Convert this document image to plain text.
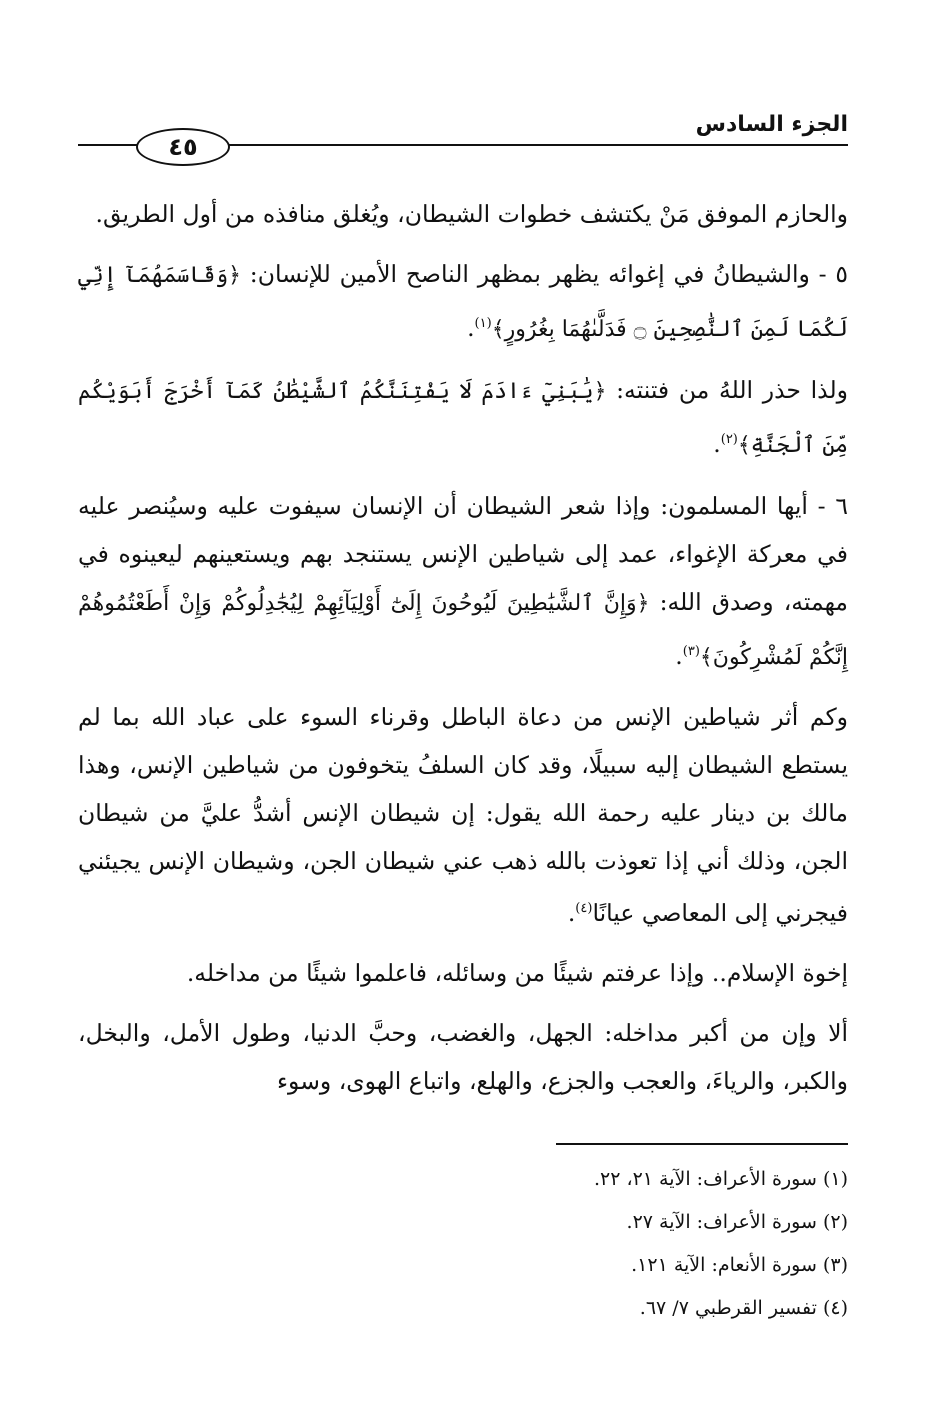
الجزء السادس
٤٥

والحازم الموفق مَنْ يكتشف خطوات الشيطان، ويُغلق منافذه من أول الطريق.

٥ - والشيطانُ في إغوائه يظهر بمظهر الناصح الأمين للإنسان: ﴿وَقَاسَمَهُمَآ إِنِّي لَكُمَا لَمِنَ ٱلنَّٰصِحِينَ ۝ فَدَلَّىٰهُمَا بِغُرُورٍ﴾$^{(١)}$.

ولذا حذر اللهُ من فتنته: ﴿يَٰبَنِيٓ ءَادَمَ لَا يَفْتِنَنَّكُمُ ٱلشَّيْطَٰنُ كَمَآ أَخْرَجَ أَبَوَيْكُم مِّنَ ٱلْجَنَّةِ﴾$^{(٢)}$.

٦ - أيها المسلمون: وإذا شعر الشيطان أن الإنسان سيفوت عليه وسيُنصر عليه في معركة الإغواء، عمد إلى شياطين الإنس يستنجد بهم ويستعينهم ليعينوه في مهمته، وصدق الله: ﴿وَإِنَّ ٱلشَّيَٰطِينَ لَيُوحُونَ إِلَىٰٓ أَوْلِيَآئِهِمْ لِيُجَٰدِلُوكُمْ وَإِنْ أَطَعْتُمُوهُمْ إِنَّكُمْ لَمُشْرِكُونَ﴾$^{(٣)}$.

وكم أثر شياطين الإنس من دعاة الباطل وقرناء السوء على عباد الله بما لم يستطع الشيطان إليه سبيلًا، وقد كان السلفُ يتخوفون من شياطين الإنس، وهذا مالك بن دينار عليه رحمة الله يقول: إن شيطان الإنس أشدُّ عليَّ من شيطان الجن، وذلك أني إذا تعوذت بالله ذهب عني شيطان الجن، وشيطان الإنس يجيئني فيجرني إلى المعاصي عيانًا$^{(٤)}$.

إخوة الإسلام.. وإذا عرفتم شيئًا من وسائله، فاعلموا شيئًا من مداخله.

ألا وإن من أكبر مداخله: الجهل، والغضب، وحبَّ الدنيا، وطول الأمل، والبخل، والكبر، والرياءَ، والعجب والجزع، والهلع، واتباع الهوى، وسوء

(١) سورة الأعراف: الآية ٢١، ٢٢.
(٢) سورة الأعراف: الآية ٢٧.
(٣) سورة الأنعام: الآية ١٢١.
(٤) تفسير القرطبي ٧/ ٦٧.
